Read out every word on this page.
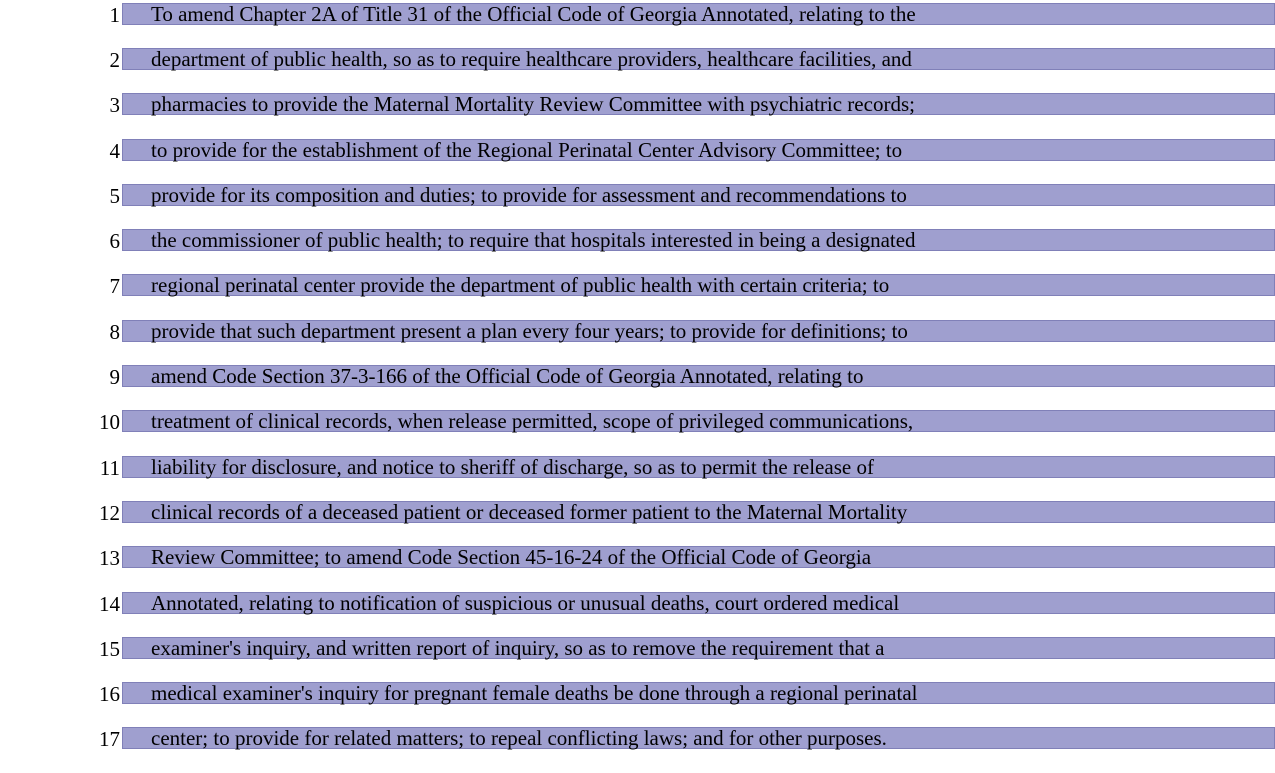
1 To amend Chapter 2A of Title 31 of the Official Code of Georgia Annotated, relating to the
2 department of public health, so as to require healthcare providers, healthcare facilities, and
3 pharmacies to provide the Maternal Mortality Review Committee with psychiatric records;
4 to provide for the establishment of the Regional Perinatal Center Advisory Committee; to
5 provide for its composition and duties; to provide for assessment and recommendations to
6 the commissioner of public health; to require that hospitals interested in being a designated
7 regional perinatal center provide the department of public health with certain criteria; to
8 provide that such department present a plan every four years; to provide for definitions; to
9 amend Code Section 37-3-166 of the Official Code of Georgia Annotated, relating to
10 treatment of clinical records, when release permitted, scope of privileged communications,
11 liability for disclosure, and notice to sheriff of discharge, so as to permit the release of
12 clinical records of a deceased patient or deceased former patient to the Maternal Mortality
13 Review Committee; to amend Code Section 45-16-24 of the Official Code of Georgia
14 Annotated, relating to notification of suspicious or unusual deaths, court ordered medical
15 examiner's inquiry, and written report of inquiry, so as to remove the requirement that a
16 medical examiner's inquiry for pregnant female deaths be done through a regional perinatal
17 center; to provide for related matters; to repeal conflicting laws; and for other purposes.
